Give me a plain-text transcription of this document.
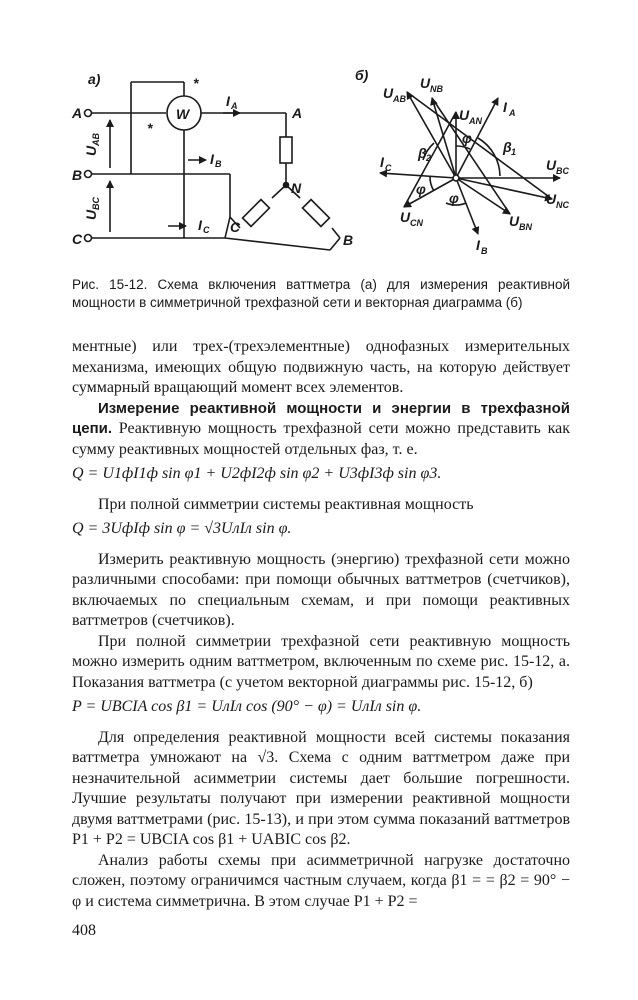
а)
W
*
*
A
B
C
A
N
C
B
U
AB
U
BC
I A
I B
I C
б)
U AB
U NB
U AN
I A
I C	U BC
U NC
U CN	U BN
I B
φ
β 1
β 2
φ
φ
Рис. 15-12. Схема включения ваттметра (а) для измерения реактивной мощности в симметричной трехфазной сети и векторная диаграмма (б)

ментные) или трех-(трехэлементные) однофазных измерительных механизма, имеющих общую подвижную часть, на которую действует суммарный вращающий момент всех элементов.

Измерение реактивной мощности и энергии в трехфазной цепи. Реактивную мощность трехфазной сети можно представить как сумму реактивных мощностей отдельных фаз, т. е.

Q = U1фI1ф sin φ1 + U2фI2ф sin φ2 + U3фI3ф sin φ3.

При полной симметрии системы реактивная мощность

Q = 3UфIф sin φ = √3UлIл sin φ.

Измерить реактивную мощность (энергию) трехфазной сети можно различными способами: при помощи обычных ваттметров (счетчиков), включаемых по специальным схемам, и при помощи реактивных ваттметров (счетчиков).

При полной симметрии трехфазной сети реактивную мощность можно измерить одним ваттметром, включенным по схеме рис. 15-12, а. Показания ваттметра (с учетом векторной диаграммы рис. 15-12, б)

P = UBCIA cos β1 = UлIл cos (90° − φ) = UлIл sin φ.

Для определения реактивной мощности всей системы показания ваттметра умножают на √3. Схема с одним ваттметром даже при незначительной асимметрии системы дает большие погрешности. Лучшие результаты получают при измерении реактивной мощности двумя ваттметрами (рис. 15-13), и при этом сумма показаний ваттметров P1 + P2 = UBCIA cos β1 + UABIC cos β2.

Анализ работы схемы при асимметричной нагрузке достаточно сложен, поэтому ограничимся частным случаем, когда β1 = = β2 = 90° − φ и система симметрична. В этом случае P1 + P2 =

408
